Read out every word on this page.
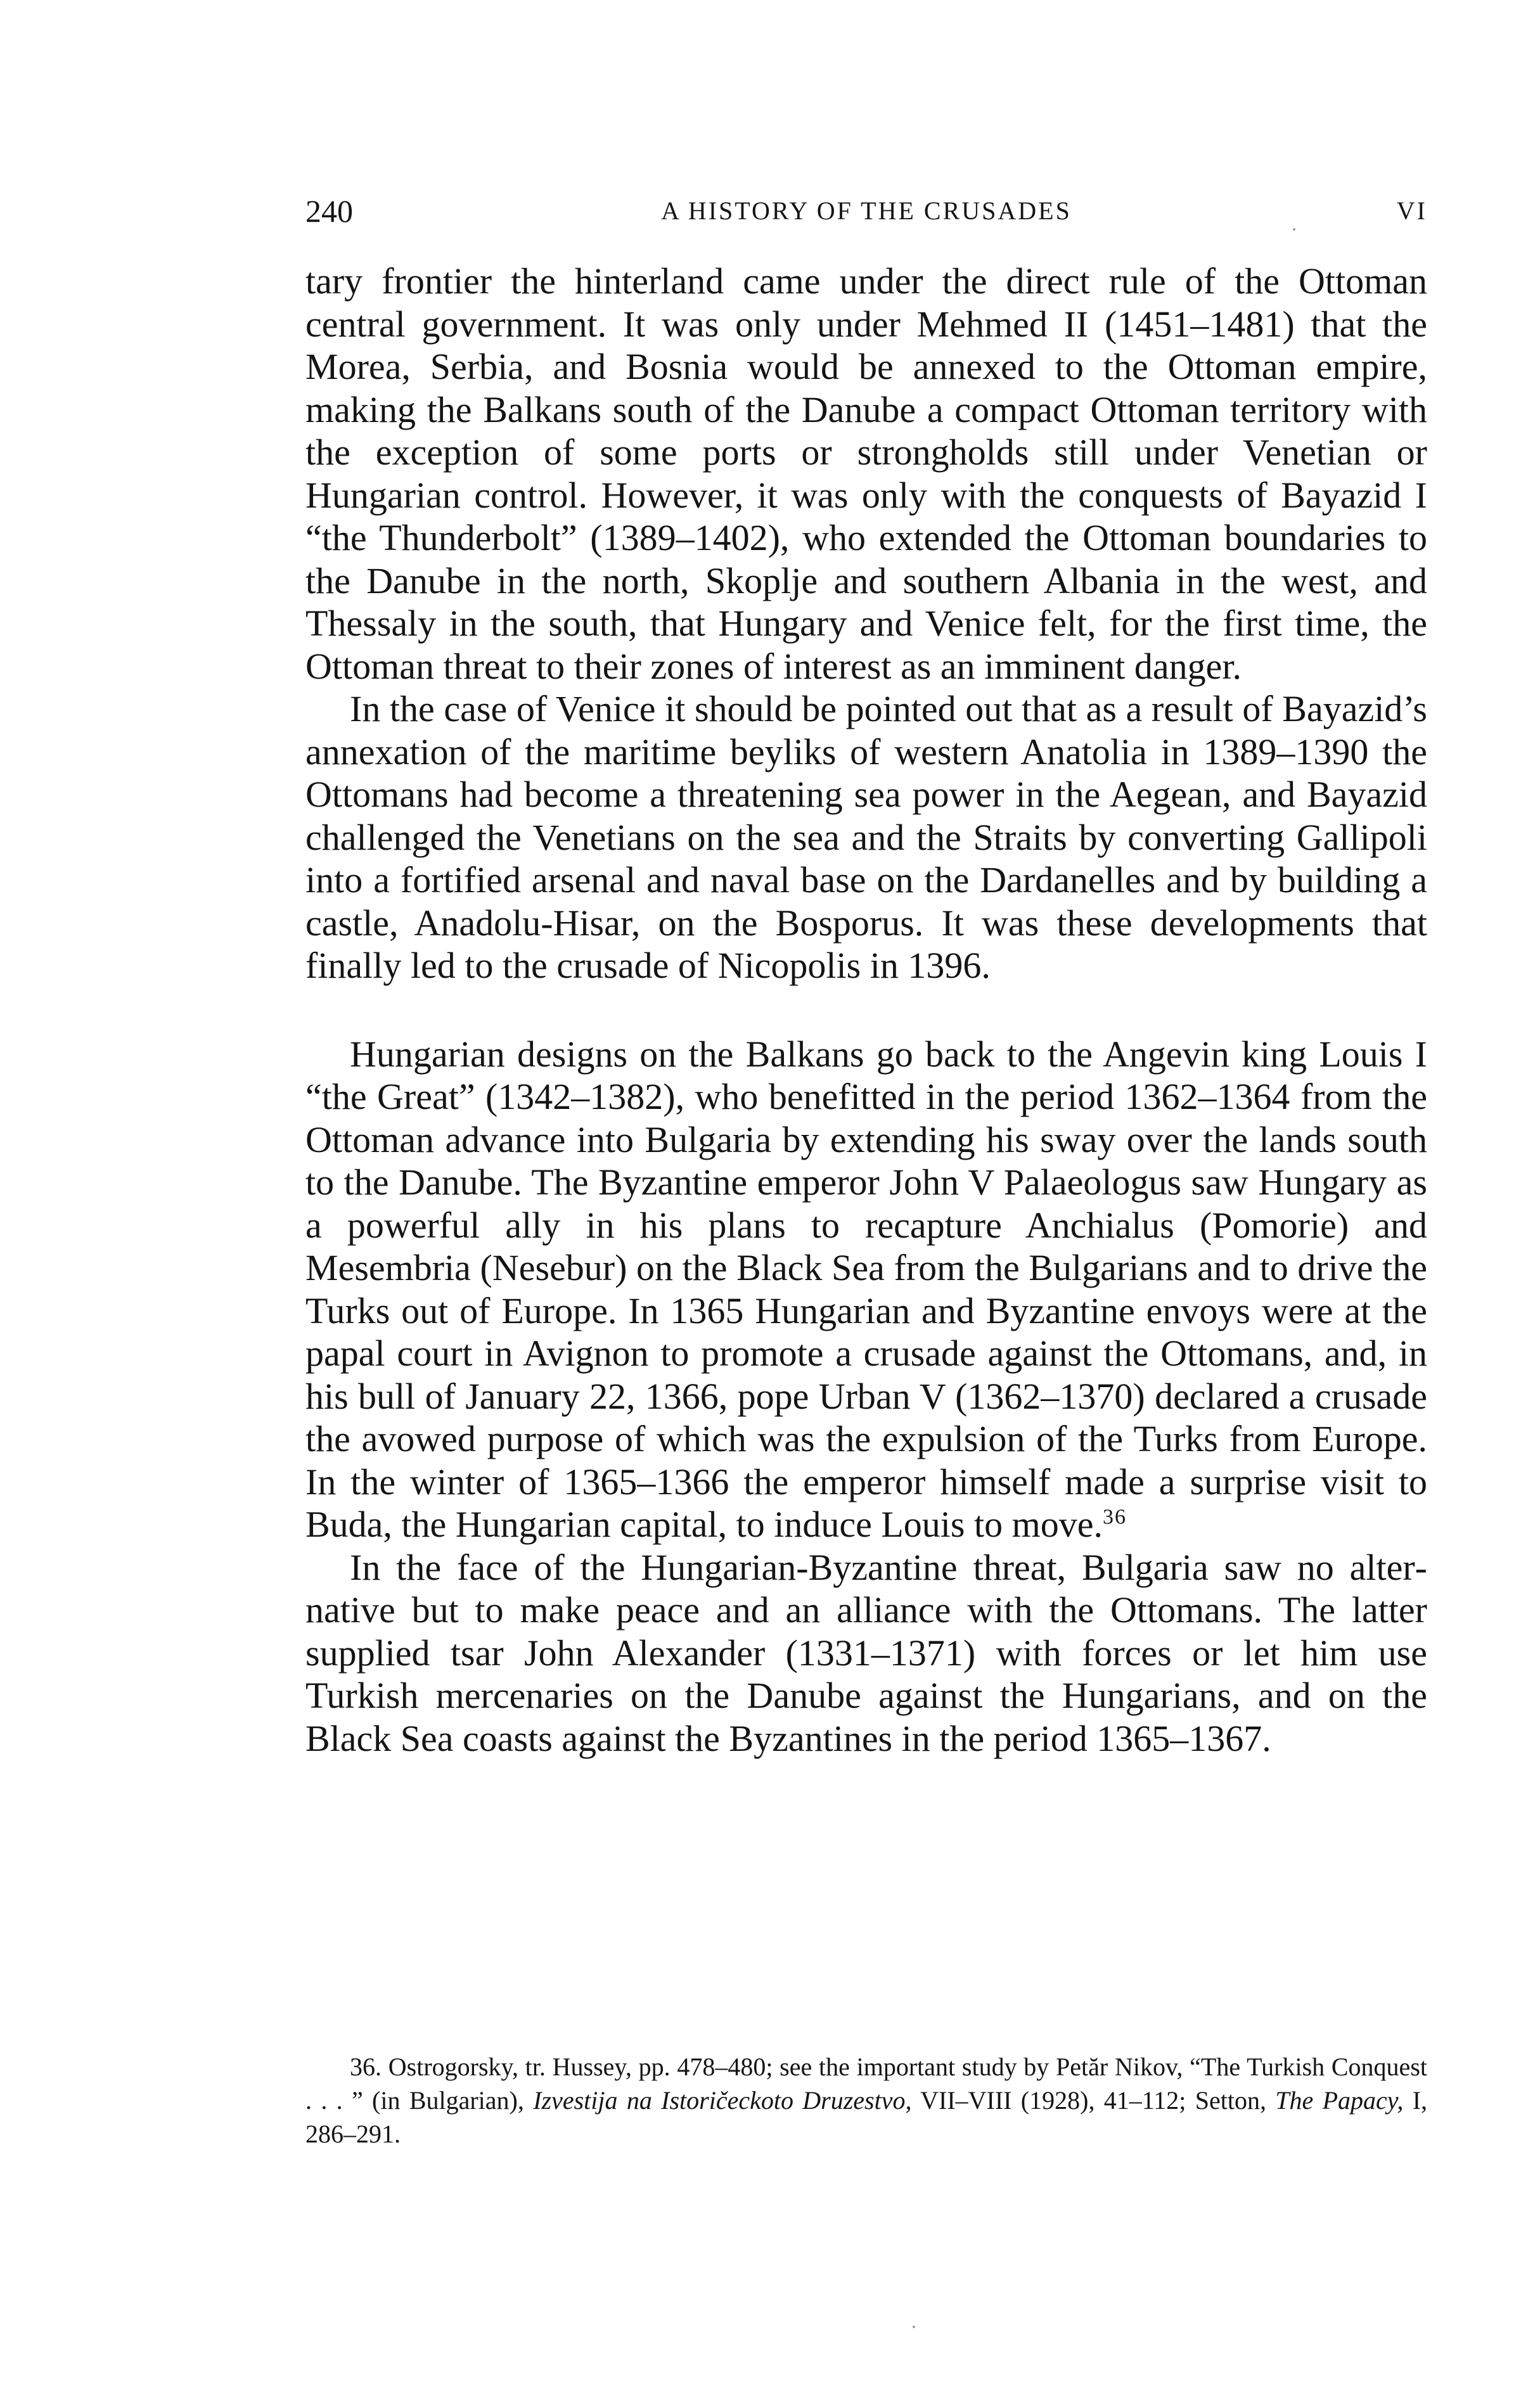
240	A HISTORY OF THE CRUSADES	VI

tary frontier the hinterland came under the direct rule of the Ottoman central government. It was only under Mehmed II (1451–1481) that the Morea, Serbia, and Bosnia would be annexed to the Ottoman empire, making the Balkans south of the Danube a compact Ottoman territory with the exception of some ports or strongholds still under Venetian or Hungarian control. However, it was only with the conquests of Bayazid I “the Thunderbolt” (1389–1402), who extended the Ottoman boundaries to the Danube in the north, Skoplje and southern Albania in the west, and Thessaly in the south, that Hungary and Venice felt, for the first time, the Ottoman threat to their zones of interest as an imminent danger.

In the case of Venice it should be pointed out that as a result of Bayazid’s annexation of the maritime beyliks of western Anatolia in 1389–1390 the Ottomans had become a threatening sea power in the Aegean, and Bayazid challenged the Venetians on the sea and the Straits by converting Gallipoli into a fortified arsenal and naval base on the Dardanelles and by building a castle, Anadolu-Hisar, on the Bosporus. It was these developments that finally led to the crusade of Nicopolis in 1396.

Hungarian designs on the Balkans go back to the Angevin king Louis I “the Great” (1342–1382), who benefitted in the period 1362–1364 from the Ottoman advance into Bulgaria by extending his sway over the lands south to the Danube. The Byzantine emperor John V Palaeologus saw Hungary as a powerful ally in his plans to recapture Anchialus (Pomorie) and Mesembria (Nesebur) on the Black Sea from the Bulgarians and to drive the Turks out of Europe. In 1365 Hungarian and Byzantine envoys were at the papal court in Avignon to promote a crusade against the Ottomans, and, in his bull of January 22, 1366, pope Urban V (1362–1370) declared a crusade the avowed purpose of which was the expulsion of the Turks from Europe. In the winter of 1365–1366 the emperor himself made a surprise visit to Buda, the Hungarian capital, to induce Louis to move.$^{36}$

In the face of the Hungarian-Byzantine threat, Bulgaria saw no alternative but to make peace and an alliance with the Ottomans. The latter supplied tsar John Alexander (1331–1371) with forces or let him use Turkish mercenaries on the Danube against the Hungarians, and on the Black Sea coasts against the Byzantines in the period 1365–1367.

36. Ostrogorsky, tr. Hussey, pp. 478–480; see the important study by Petăr Nikov, “The Turkish Conquest . . . ” (in Bulgarian), Izvestija na Istoričeckoto Druzestvo, VII–VIII (1928), 41–112; Setton, The Papacy, I, 286–291.
